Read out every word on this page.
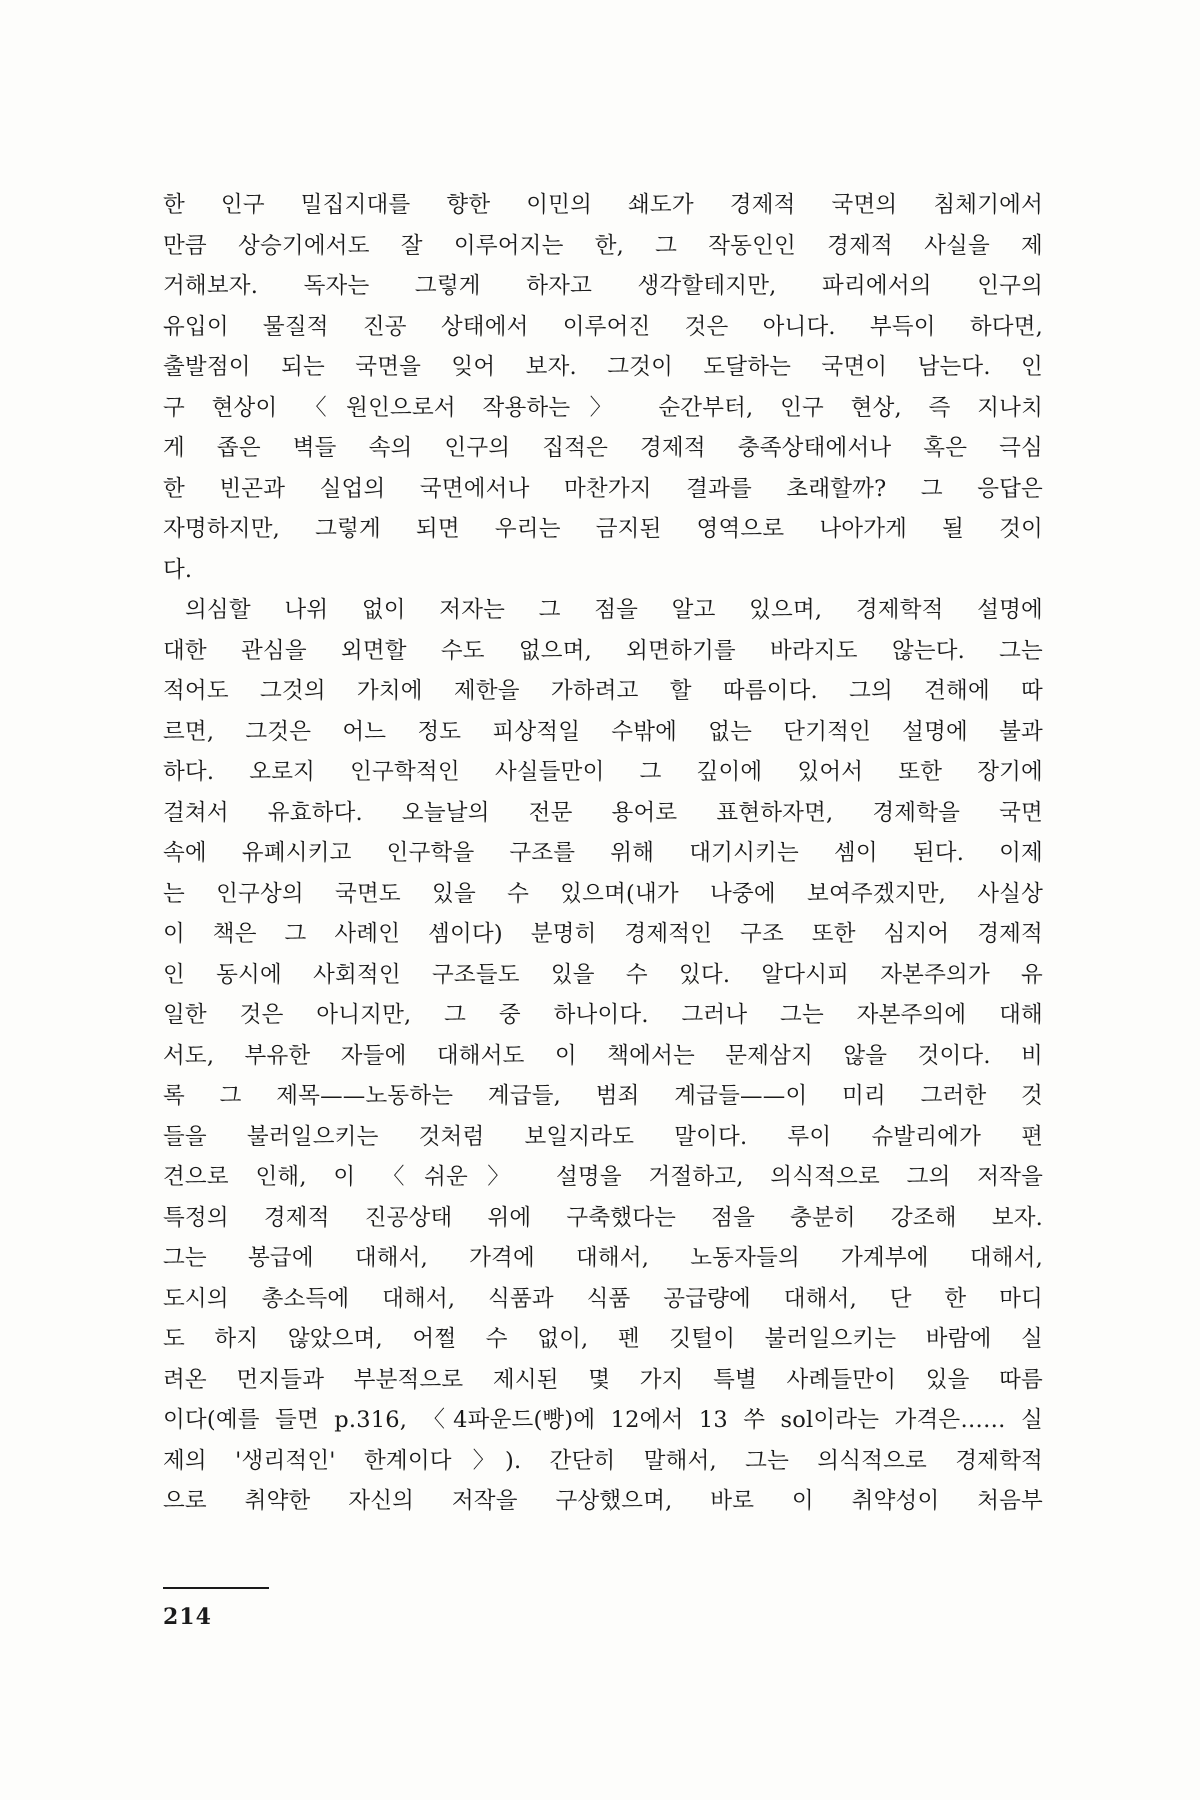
한 인구 밀집지대를 향한 이민의 쇄도가 경제적 국면의 침체기에서
만큼 상승기에서도 잘 이루어지는 한, 그 작동인인 경제적 사실을 제
거해보자. 독자는 그렇게 하자고 생각할테지만, 파리에서의 인구의
유입이 물질적 진공 상태에서 이루어진 것은 아니다. 부득이 하다면,
출발점이 되는 국면을 잊어 보자. 그것이 도달하는 국면이 남는다. 인
구 현상이 〈원인으로서 작용하는〉 순간부터, 인구 현상, 즉 지나치
게 좁은 벽들 속의 인구의 집적은 경제적 충족상태에서나 혹은 극심
한 빈곤과 실업의 국면에서나 마찬가지 결과를 초래할까? 그 응답은
자명하지만, 그렇게 되면 우리는 금지된 영역으로 나아가게 될 것이
다.
의심할 나위 없이 저자는 그 점을 알고 있으며, 경제학적 설명에
대한 관심을 외면할 수도 없으며, 외면하기를 바라지도 않는다. 그는
적어도 그것의 가치에 제한을 가하려고 할 따름이다. 그의 견해에 따
르면, 그것은 어느 정도 피상적일 수밖에 없는 단기적인 설명에 불과
하다. 오로지 인구학적인 사실들만이 그 깊이에 있어서 또한 장기에
걸쳐서 유효하다. 오늘날의 전문 용어로 표현하자면, 경제학을 국면
속에 유폐시키고 인구학을 구조를 위해 대기시키는 셈이 된다. 이제
는 인구상의 국면도 있을 수 있으며(내가 나중에 보여주겠지만, 사실상
이 책은 그 사례인 셈이다) 분명히 경제적인 구조 또한 심지어 경제적
인 동시에 사회적인 구조들도 있을 수 있다. 알다시피 자본주의가 유
일한 것은 아니지만, 그 중 하나이다. 그러나 그는 자본주의에 대해
서도, 부유한 자들에 대해서도 이 책에서는 문제삼지 않을 것이다. 비
록 그 제목——노동하는 계급들, 범죄 계급들——이 미리 그러한 것
들을 불러일으키는 것처럼 보일지라도 말이다. 루이 슈발리에가 편
견으로 인해, 이 〈쉬운〉 설명을 거절하고, 의식적으로 그의 저작을
특정의 경제적 진공상태 위에 구축했다는 점을 충분히 강조해 보자.
그는 봉급에 대해서, 가격에 대해서, 노동자들의 가계부에 대해서,
도시의 총소득에 대해서, 식품과 식품 공급량에 대해서, 단 한 마디
도 하지 않았으며, 어쩔 수 없이, 펜 깃털이 불러일으키는 바람에 실
려온 먼지들과 부분적으로 제시된 몇 가지 특별 사례들만이 있을 따름
이다(예를 들면 p.316, 〈4파운드(빵)에 12에서 13 쑤 sol이라는 가격은…… 실
제의 '생리적인' 한계이다〉). 간단히 말해서, 그는 의식적으로 경제학적
으로 취약한 자신의 저작을 구상했으며, 바로 이 취약성이 처음부
214
